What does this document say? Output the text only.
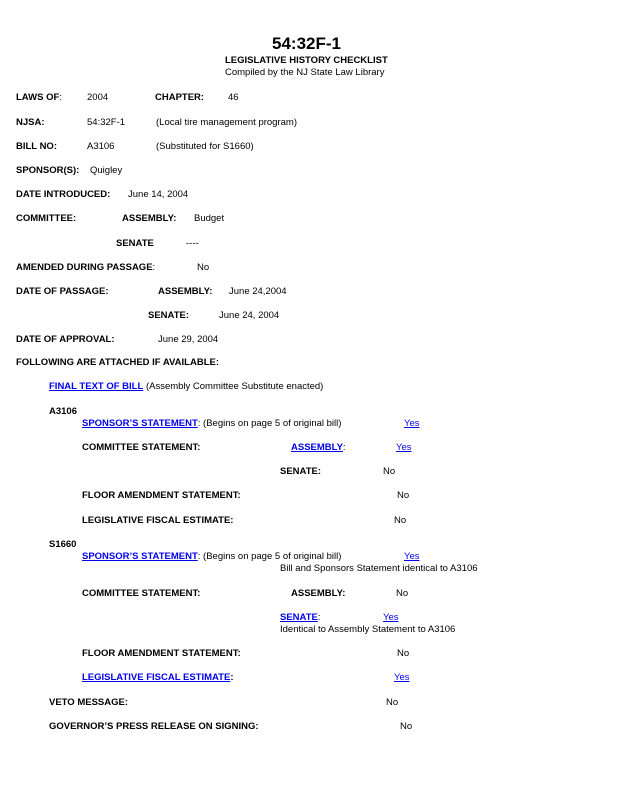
54:32F-1
LEGISLATIVE HISTORY CHECKLIST
Compiled by the NJ State Law Library
LAWS OF:	2004	CHAPTER:	46
NJSA:	54:32F-1	(Local tire management program)
BILL NO:	A3106	(Substituted for S1660)
SPONSOR(S): Quigley
DATE INTRODUCED: June 14, 2004
COMMITTEE:	ASSEMBLY: Budget
SENATE	----
AMENDED DURING PASSAGE:	No
DATE OF PASSAGE:	ASSEMBLY: June 24,2004
SENATE:	June 24, 2004
DATE OF APPROVAL:	June 29, 2004
FOLLOWING ARE ATTACHED IF AVAILABLE:
FINAL TEXT OF BILL (Assembly Committee Substitute enacted)
A3106
SPONSOR’S STATEMENT: (Begins on page 5 of original bill)	Yes
COMMITTEE STATEMENT:	ASSEMBLY:	Yes
SENATE:	No
FLOOR AMENDMENT STATEMENT:	No
LEGISLATIVE FISCAL ESTIMATE:	No
S1660
SPONSOR’S STATEMENT: (Begins on page 5 of original bill)	Yes
Bill and Sponsors Statement identical to A3106
COMMITTEE STATEMENT:	ASSEMBLY:	No
SENATE:	Yes
Identical to Assembly Statement to A3106
FLOOR AMENDMENT STATEMENT:	No
LEGISLATIVE FISCAL ESTIMATE:	Yes
VETO MESSAGE:	No
GOVERNOR’S PRESS RELEASE ON SIGNING:	No
